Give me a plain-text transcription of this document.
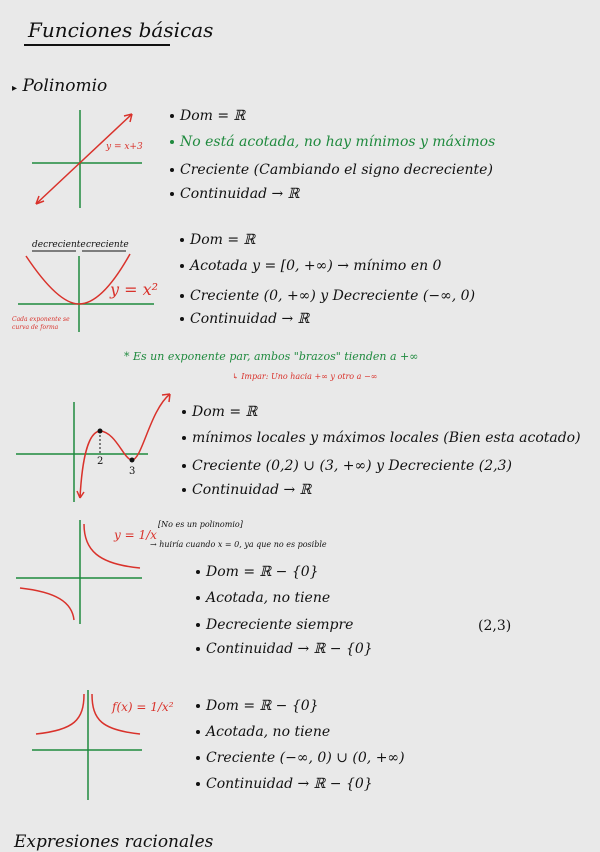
Funciones básicas
▸ Polinomio
y = x+3
Dom = ℝ
No está acotada, no hay mínimos y máximos
Creciente (Cambiando el signo decreciente)
Continuidad → ℝ
decreciente creciente
y = x²
Cada exponente se curva de forma
Dom = ℝ
Acotada y = [0, +∞) → mínimo en 0
Creciente (0, +∞) y Decreciente (−∞, 0)
Continuidad → ℝ
* Es un exponente par, ambos "brazos" tienden a +∞
↳ Impar: Uno hacia +∞ y otro a −∞
2
3
Dom = ℝ
mínimos locales y máximos locales (Bien esta acotado)
Creciente (0,2) ∪ (3, +∞) y Decreciente (2,3)
Continuidad → ℝ
y = 1/x
[No es un polinomio]
→ huiría cuando x = 0, ya que no es posible
Dom = ℝ − {0}
Acotada, no tiene
Decreciente siempre	(2,3)
Continuidad → ℝ − {0}
f(x) = 1/x²	Dom = ℝ − {0}
Acotada, no tiene
Creciente (−∞, 0) ∪ (0, +∞)
Continuidad → ℝ − {0}
Expresiones racionales
